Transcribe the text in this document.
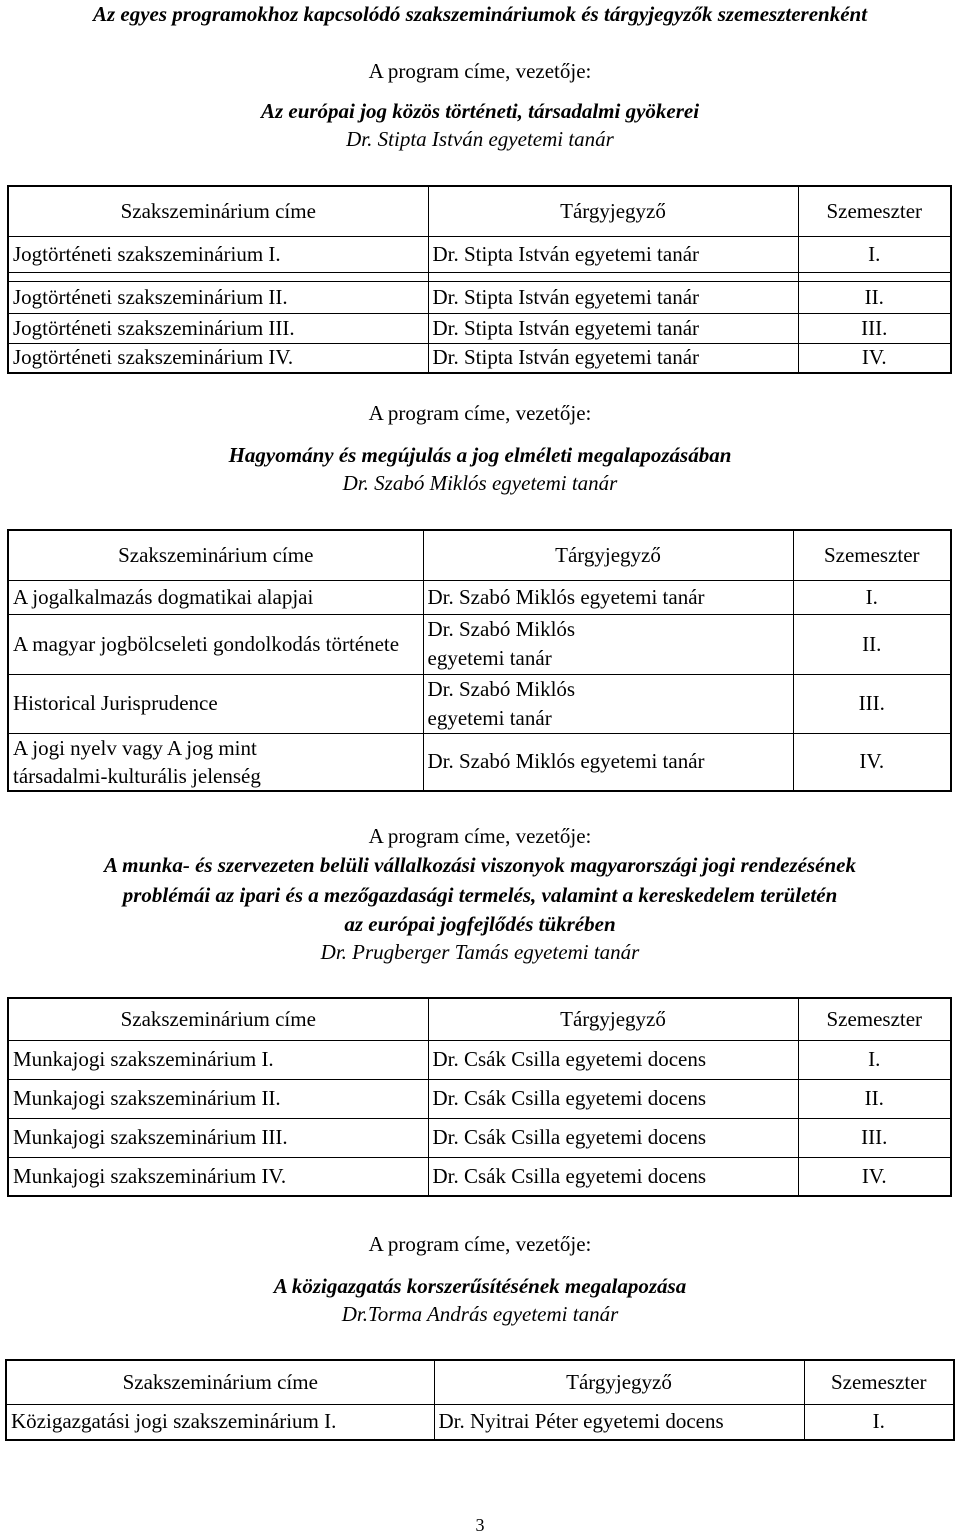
Az egyes programokhoz kapcsolódó szakszemináriumok és tárgyjegyzők szemeszterenként
A program címe, vezetője:
Az európai jog közös történeti, társadalmi gyökerei
Dr. Stipta István egyetemi tanár
Szakszeminárium címe	Tárgyjegyző	Szemeszter
Jogtörténeti szakszeminárium I.	Dr. Stipta István egyetemi tanár	I.

Jogtörténeti szakszeminárium II.	Dr. Stipta István egyetemi tanár	II.
Jogtörténeti szakszeminárium III.	Dr. Stipta István egyetemi tanár	III.
Jogtörténeti szakszeminárium IV.	Dr. Stipta István egyetemi tanár	IV.
A program címe, vezetője:
Hagyomány és megújulás a jog elméleti megalapozásában
Dr. Szabó Miklós egyetemi tanár
Szakszeminárium címe	Tárgyjegyző	Szemeszter
A jogalkalmazás dogmatikai alapjai	Dr. Szabó Miklós egyetemi tanár	I.
A magyar jogbölcseleti gondolkodás története	Dr. Szabó Miklós egyetemi tanár	II.
Historical Jurisprudence	Dr. Szabó Miklós egyetemi tanár	III.
A jogi nyelv vagy A jog mint társadalmi-kulturális jelenség	Dr. Szabó Miklós egyetemi tanár	IV.
A program címe, vezetője:
A munka- és szervezeten belüli vállalkozási viszonyok magyarországi jogi rendezésének
problémái az ipari és a mezőgazdasági termelés, valamint a kereskedelem területén
az európai jogfejlődés tükrében
Dr. Prugberger Tamás egyetemi tanár
Szakszeminárium címe	Tárgyjegyző	Szemeszter
Munkajogi szakszeminárium I.	Dr. Csák Csilla egyetemi docens	I.
Munkajogi szakszeminárium II.	Dr. Csák Csilla egyetemi docens	II.
Munkajogi szakszeminárium III.	Dr. Csák Csilla egyetemi docens	III.
Munkajogi szakszeminárium IV.	Dr. Csák Csilla egyetemi docens	IV.
A program címe, vezetője:
A közigazgatás korszerűsítésének megalapozása
Dr.Torma András egyetemi tanár
Szakszeminárium címe	Tárgyjegyző	Szemeszter
Közigazgatási jogi szakszeminárium I.	Dr. Nyitrai Péter egyetemi docens	I.
3
